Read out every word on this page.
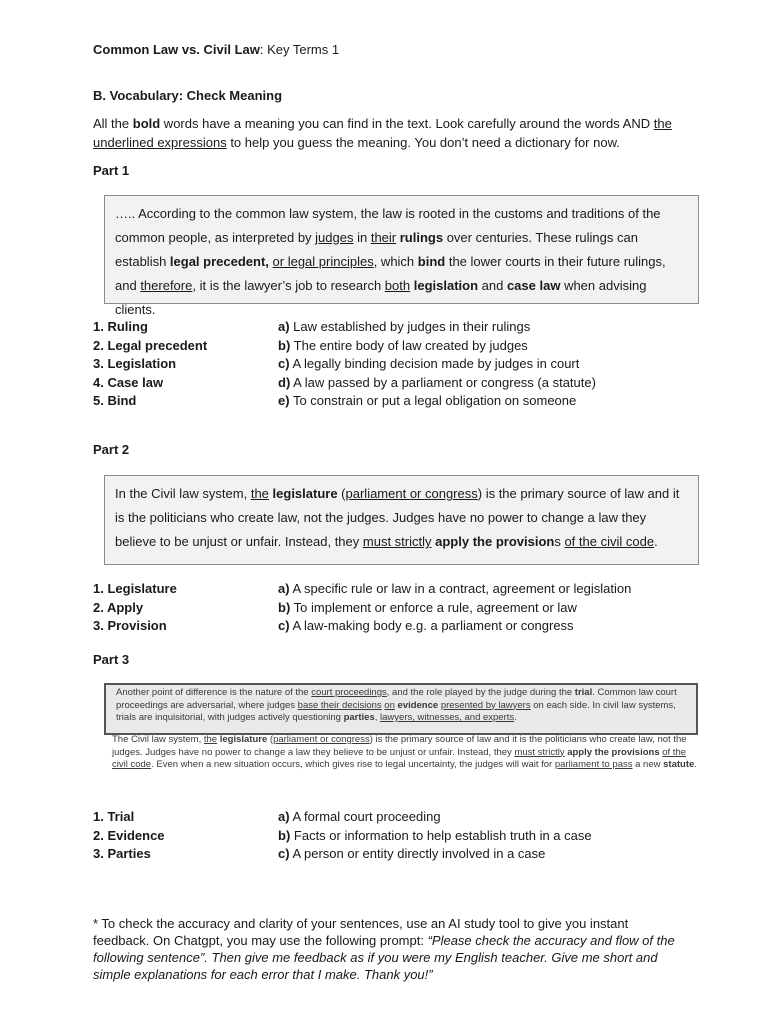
Common Law vs. Civil Law: Key Terms 1
B. Vocabulary: Check Meaning
All the bold words have a meaning you can find in the text. Look carefully around the words AND the underlined expressions to help you guess the meaning. You don’t need a dictionary for now.
Part 1
….. According to the common law system, the law is rooted in the customs and traditions of the common people, as interpreted by judges in their rulings over centuries. These rulings can establish legal precedent, or legal principles, which bind the lower courts in their future rulings, and therefore, it is the lawyer’s job to research both legislation and case law when advising clients.
1. Ruling	a) Law established by judges in their rulings
2. Legal precedent	b) The entire body of law created by judges
3. Legislation	c) A legally binding decision made by judges in court
4. Case law	d) A law passed by a parliament or congress (a statute)
5. Bind	e) To constrain or put a legal obligation on someone
Part 2
In the Civil law system, the legislature (parliament or congress) is the primary source of law and it is the politicians who create law, not the judges. Judges have no power to change a law they believe to be unjust or unfair. Instead, they must strictly apply the provisions of the civil code.
1. Legislature	a) A specific rule or law in a contract, agreement or legislation
2. Apply	b) To implement or enforce a rule, agreement or law
3. Provision	c) A law-making body e.g. a parliament or congress
Part 3
Another point of difference is the nature of the court proceedings, and the role played by the judge during the trial. Common law court proceedings are adversarial, where judges base their decisions on evidence presented by lawyers on each side. In civil law systems, trials are inquisitorial, with judges actively questioning parties, lawyers, witnesses, and experts.
The Civil law system, the legislature (parliament or congress) is the primary source of law and it is the politicians who create law, not the judges. Judges have no power to change a law they believe to be unjust or unfair. Instead, they must strictly apply the provisions of the civil code. Even when a new situation occurs, which gives rise to legal uncertainty, the judges will wait for parliament to pass a new statute.
1. Trial	a) A formal court proceeding
2. Evidence	b) Facts or information to help establish truth in a case
3. Parties	c) A person or entity directly involved in a case
* To check the accuracy and clarity of your sentences, use an AI study tool to give you instant feedback. On Chatgpt, you may use the following prompt: “Please check the accuracy and flow of the following sentence”. Then give me feedback as if you were my English teacher. Give me short and simple explanations for each error that I make. Thank you!”
